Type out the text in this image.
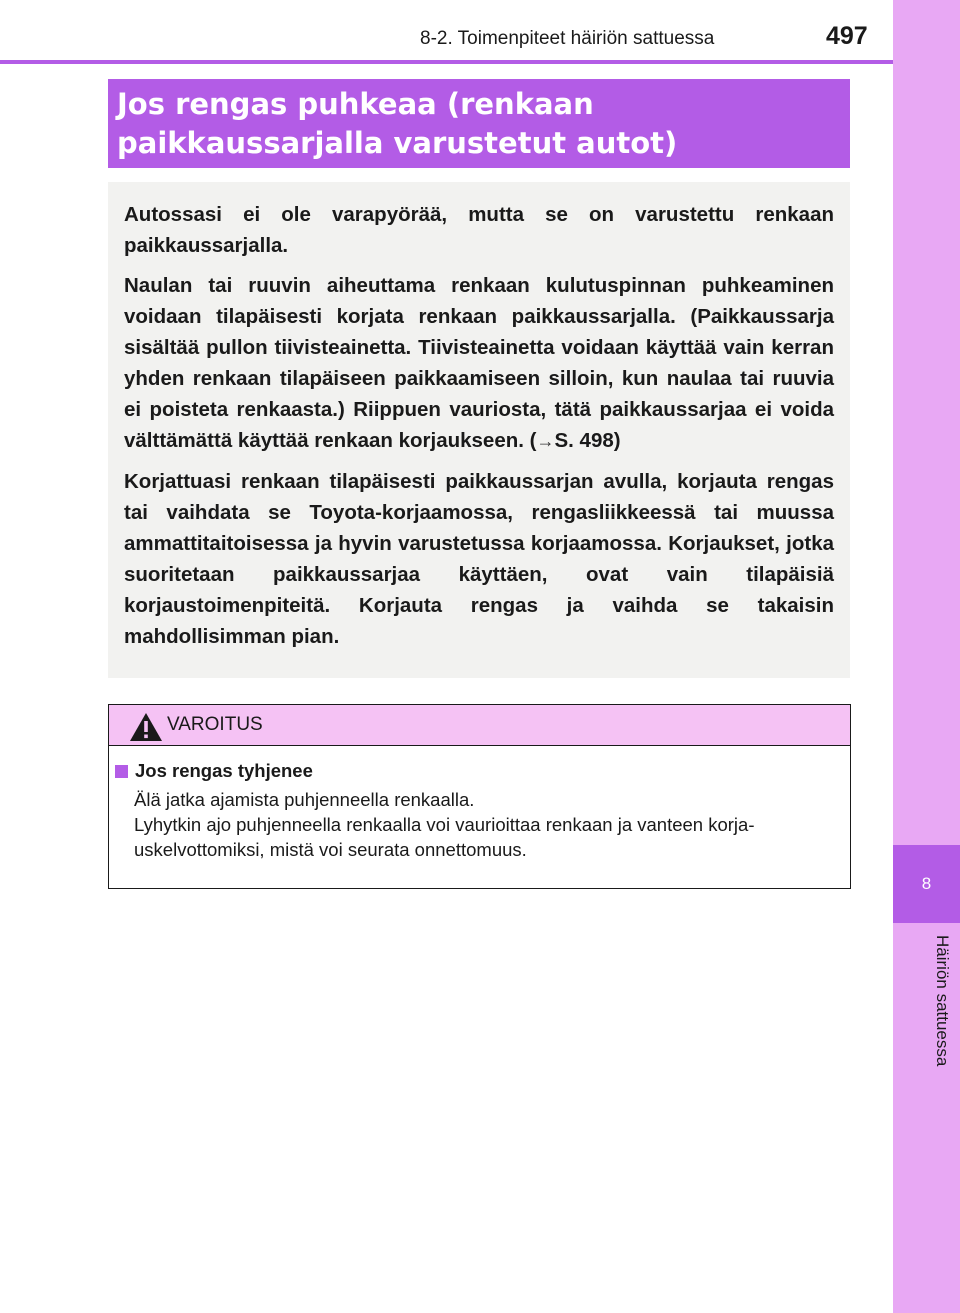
8
Häiriön sattuessa
8-2. Toimenpiteet häiriön sattuessa	497
Jos rengas puhkeaa (renkaan
paikkaussarjalla varustetut autot)

Autossasi ei ole varapyörää, mutta se on varustettu renkaan paikkaussarjalla.

Naulan tai ruuvin aiheuttama renkaan kulutuspinnan puhkeaminen voidaan tilapäisesti korjata renkaan paikkaussarjalla. (Paikkaussarja sisältää pullon tiivisteainetta. Tiivisteainetta voidaan käyttää vain kerran yhden renkaan tilapäiseen paikkaamiseen silloin, kun naulaa tai ruuvia ei poisteta renkaasta.) Riippuen vauriosta, tätä paikkaussarjaa ei voida välttämättä käyttää renkaan korjaukseen. (→S. 498)

Korjattuasi renkaan tilapäisesti paikkaussarjan avulla, korjauta rengas tai vaihdata se Toyota-korjaamossa, rengasliikkeessä tai muussa ammattitaitoisessa ja hyvin varustetussa korjaamossa. Korjaukset, jotka suoritetaan paikkaussarjaa käyttäen, ovat vain tilapäisiä korjaustoimenpiteitä. Korjauta rengas ja vaihda se takaisin mahdollisimman pian.

VAROITUS
Jos rengas tyhjenee
Älä jatka ajamista puhjenneella renkaalla.
Lyhytkin ajo puhjenneella renkaalla voi vaurioittaa renkaan ja vanteen korja-
uskelvottomiksi, mistä voi seurata onnettomuus.
